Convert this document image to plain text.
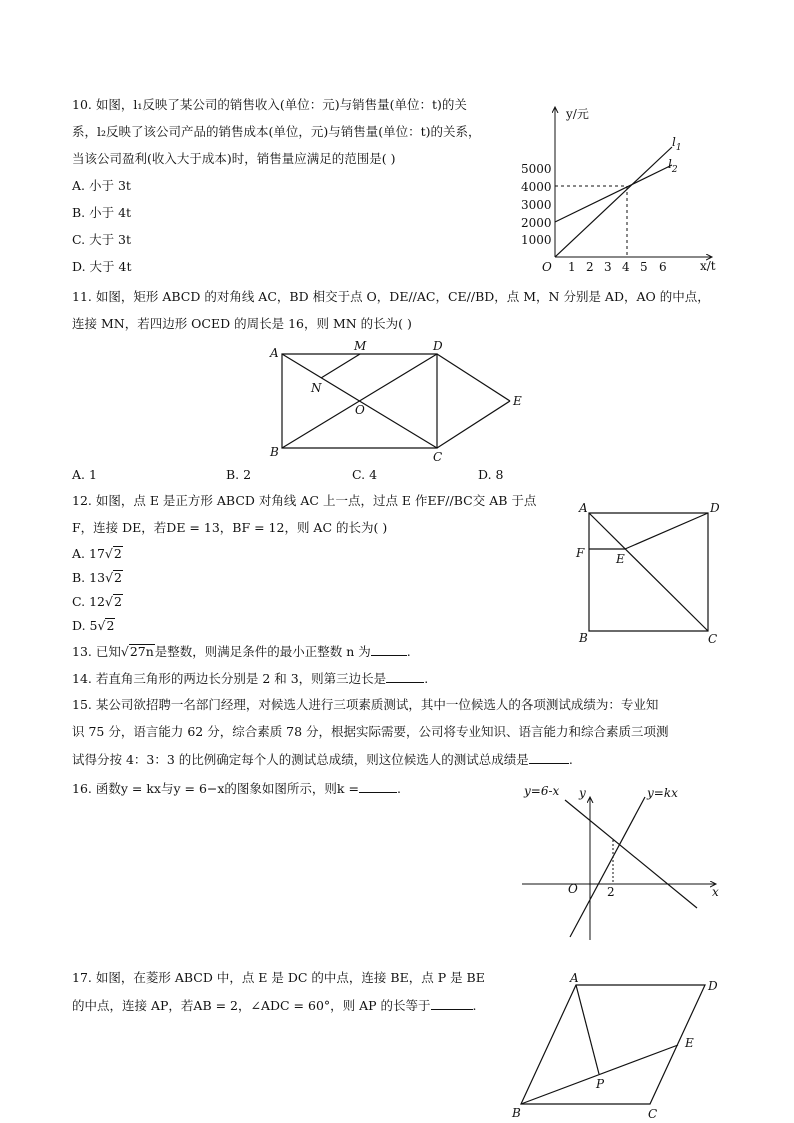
10. 如图，l₁反映了某公司的销售收入(单位：元)与销售量(单位：t)的关
系，l₂反映了该公司产品的销售成本(单位，元)与销售量(单位：t)的关系，
当该公司盈利(收入大于成本)时，销售量应满足的范围是( )
A. 小于 3t
B. 小于 4t
C. 大于 3t
D. 大于 4t
y/元
x/t
O
5000
4000
3000
2000
1000
1 2 3 4 5 6
$l_1$
$l_2$
11. 如图，矩形 ABCD 的对角线 AC，BD 相交于点 O，DE//AC，CE//BD，点 M，N 分别是 AD，AO 的中点，
连接 MN，若四边形 OCED 的周长是 16，则 MN 的长为( )
A	M	D
N
O
E
B	C
A. 1	B. 2	C. 4	D. 8
12. 如图，点 E 是正方形 ABCD 对角线 AC 上一点，过点 E 作EF//BC交 AB 于点
F，连接 DE，若DE = 13，BF = 12，则 AC 的长为( )
A. 17√2
B. 13√2
C. 12√2
D. 5√2
A	D
F	E
B	C
13. 已知√27n是整数，则满足条件的最小正整数 n 为	.
14. 若直角三角形的两边长分别是 2 和 3，则第三边长是	.
15. 某公司欲招聘一名部门经理，对候选人进行三项素质测试，其中一位候选人的各项测试成绩为：专业知
识 75 分，语言能力 62 分，综合素质 78 分，根据实际需要，公司将专业知识、语言能力和综合素质三项测
试得分按 4：3：3 的比例确定每个人的测试总成绩，则这位候选人的测试总成绩是	.
16. 函数y = kx与y = 6−x的图象如图所示，则k =	.	y=6-x y	y=kx
x
O 2
17. 如图，在菱形 ABCD 中，点 E 是 DC 的中点，连接 BE，点 P 是 BE
的中点，连接 AP，若AB = 2，∠ADC = 60°，则 AP 的长等于	.
A
D
E
P
B	C
